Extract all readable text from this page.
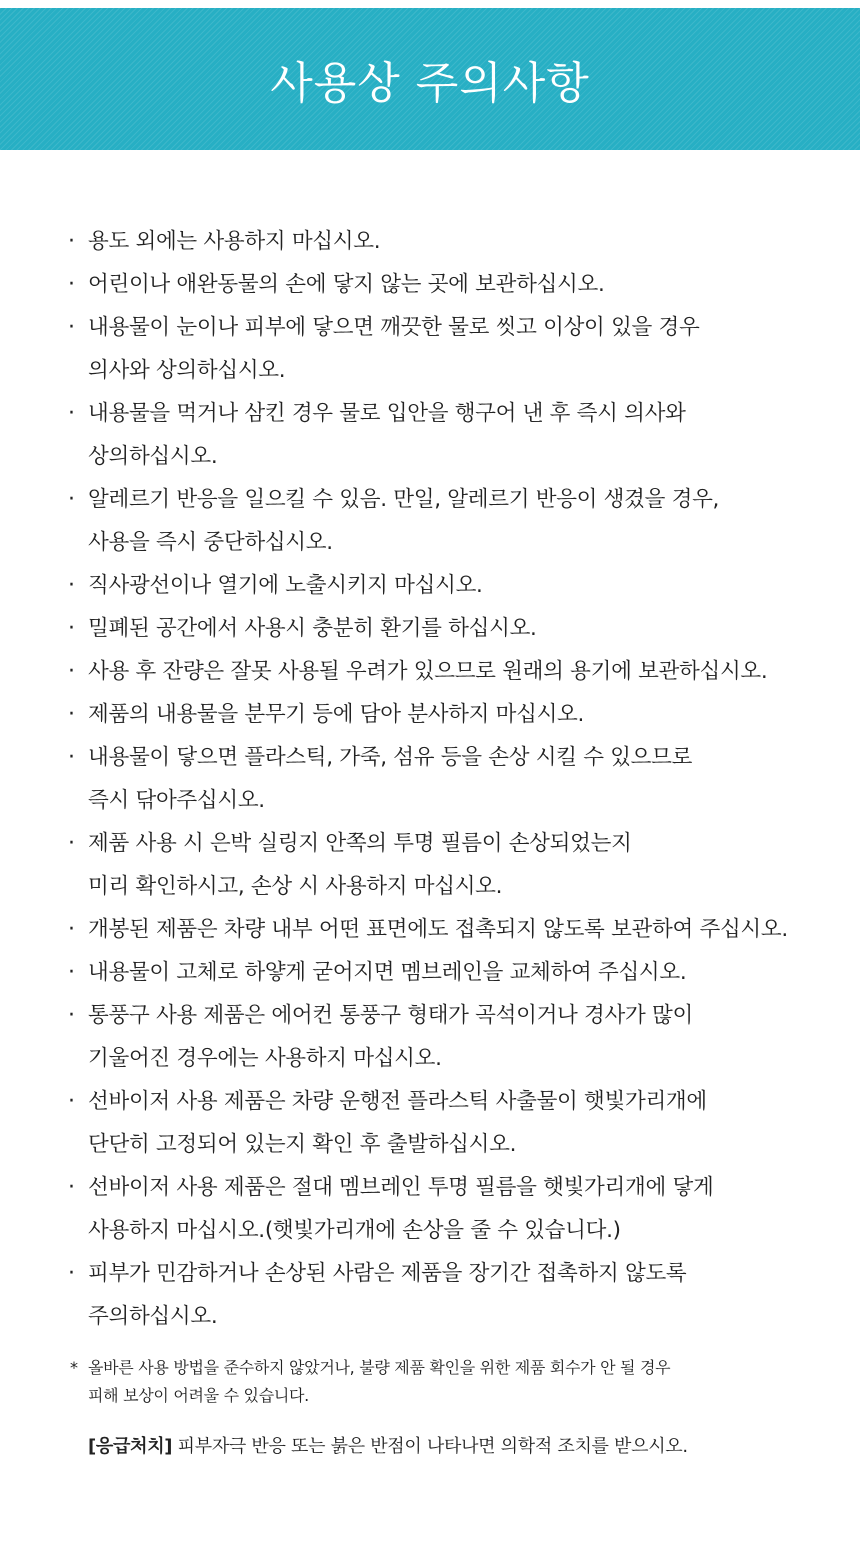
사용상 주의사항
· 용도 외에는 사용하지 마십시오.
· 어린이나 애완동물의 손에 닿지 않는 곳에 보관하십시오.
· 내용물이 눈이나 피부에 닿으면 깨끗한 물로 씻고 이상이 있을 경우
의사와 상의하십시오.
· 내용물을 먹거나 삼킨 경우 물로 입안을 행구어 낸 후 즉시 의사와
상의하십시오.
· 알레르기 반응을 일으킬 수 있음. 만일, 알레르기 반응이 생겼을 경우,
사용을 즉시 중단하십시오.
· 직사광선이나 열기에 노출시키지 마십시오.
· 밀폐된 공간에서 사용시 충분히 환기를 하십시오.
· 사용 후 잔량은 잘못 사용될 우려가 있으므로 원래의 용기에 보관하십시오.
· 제품의 내용물을 분무기 등에 담아 분사하지 마십시오.
· 내용물이 닿으면 플라스틱, 가죽, 섬유 등을 손상 시킬 수 있으므로
즉시 닦아주십시오.
· 제품 사용 시 은박 실링지 안쪽의 투명 필름이 손상되었는지
미리 확인하시고, 손상 시 사용하지 마십시오.
· 개봉된 제품은 차량 내부 어떤 표면에도 접촉되지 않도록 보관하여 주십시오.
· 내용물이 고체로 하얗게 굳어지면 멤브레인을 교체하여 주십시오.
· 통풍구 사용 제품은 에어컨 통풍구 형태가 곡석이거나 경사가 많이
기울어진 경우에는 사용하지 마십시오.
· 선바이저 사용 제품은 차량 운행전 플라스틱 사출물이 햇빛가리개에
단단히 고정되어 있는지 확인 후 출발하십시오.
· 선바이저 사용 제품은 절대 멤브레인 투명 필름을 햇빛가리개에 닿게
사용하지 마십시오.(햇빛가리개에 손상을 줄 수 있습니다.)
· 피부가 민감하거나 손상된 사람은 제품을 장기간 접촉하지 않도록
주의하십시오.
* 올바른 사용 방법을 준수하지 않았거나, 불량 제품 확인을 위한 제품 회수가 안 될 경우
피해 보상이 어려울 수 있습니다.
[응급처치] 피부자극 반응 또는 붉은 반점이 나타나면 의학적 조치를 받으시오.
